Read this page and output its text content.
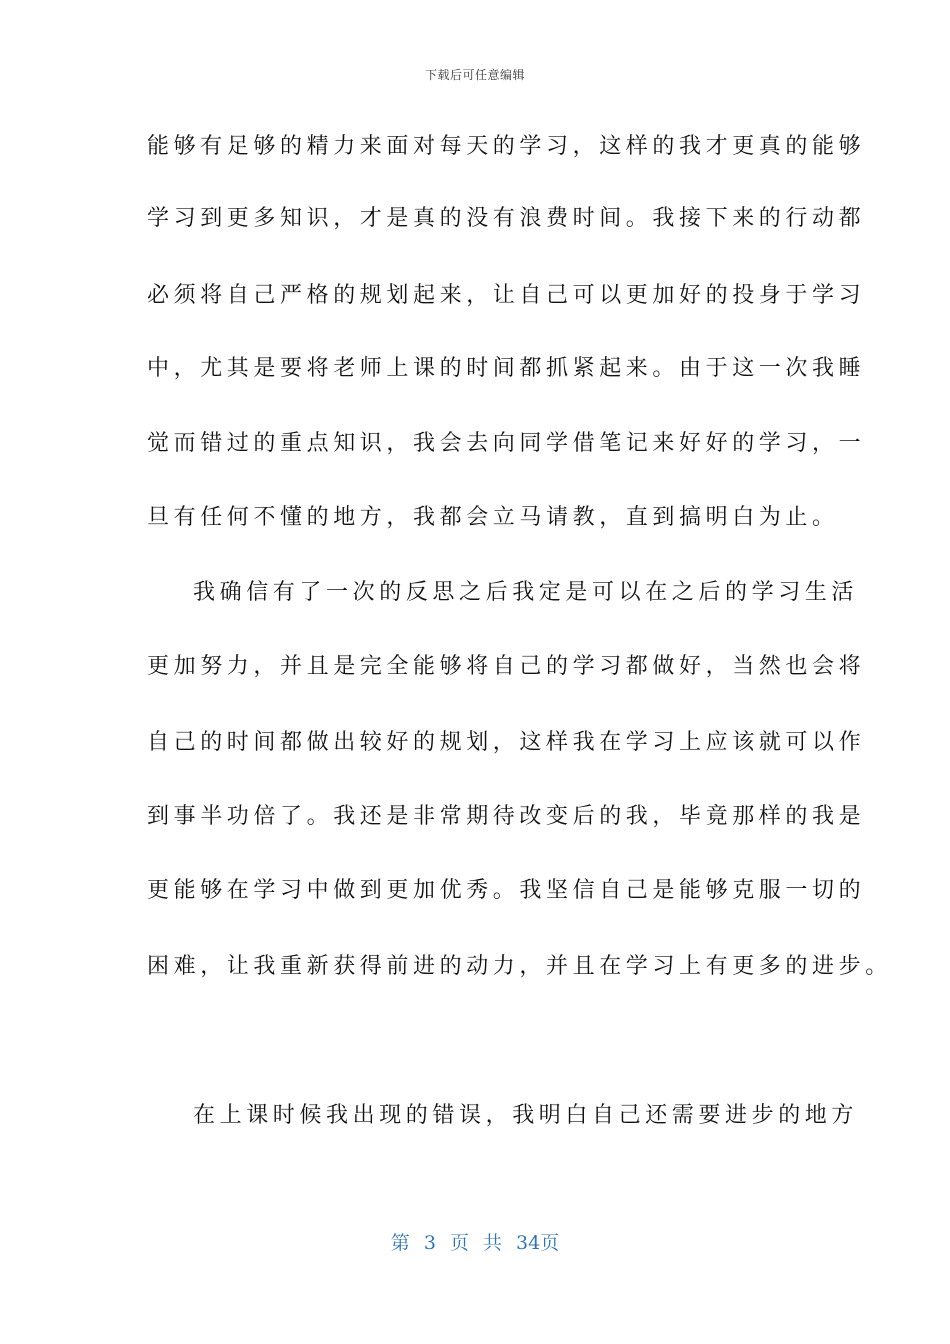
下载后可任意编辑
能够有足够的精力来面对每天的学习，这样的我才更真的能够
学习到更多知识，才是真的没有浪费时间。我接下来的行动都
必须将自己严格的规划起来，让自己可以更加好的投身于学习
中，尤其是要将老师上课的时间都抓紧起来。由于这一次我睡
觉而错过的重点知识，我会去向同学借笔记来好好的学习，一
旦有任何不懂的地方，我都会立马请教，直到搞明白为止。
我确信有了一次的反思之后我定是可以在之后的学习生活
更加努力，并且是完全能够将自己的学习都做好，当然也会将
自己的时间都做出较好的规划，这样我在学习上应该就可以作
到事半功倍了。我还是非常期待改变后的我，毕竟那样的我是
更能够在学习中做到更加优秀。我坚信自己是能够克服一切的
困难，让我重新获得前进的动力，并且在学习上有更多的进步。
在上课时候我出现的错误，我明白自己还需要进步的地方
第 3 页 共 34页
